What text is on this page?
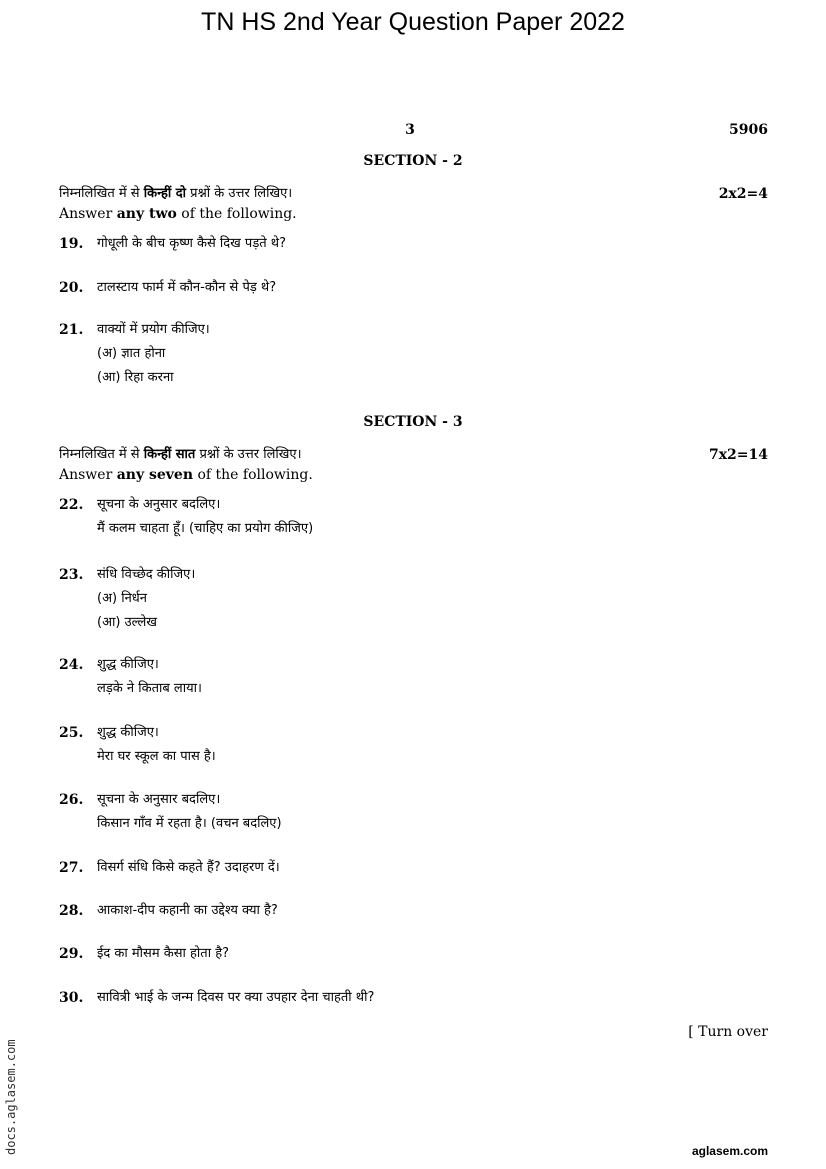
TN HS 2nd Year Question Paper 2022
3	5906
SECTION - 2
निम्नलिखित में से किन्हीं दो प्रश्नों के उत्तर लिखिए।
Answer any two of the following.
2x2=4
19. गोधूली के बीच कृष्ण कैसे दिख पड़ते थे?
20. टालस्टाय फार्म में कौन-कौन से पेड़ थे?
21. वाक्यों में प्रयोग कीजिए।
(अ) ज्ञात होना
(आ) रिहा करना
SECTION - 3
निम्नलिखित में से किन्हीं सात प्रश्नों के उत्तर लिखिए।
Answer any seven of the following.
7x2=14
22. सूचना के अनुसार बदलिए।
मैं कलम चाहता हूँ। (चाहिए का प्रयोग कीजिए)
23. संधि विच्छेद कीजिए।
(अ) निर्धन
(आ) उल्लेख
24. शुद्ध कीजिए।
लड़के ने किताब लाया।
25. शुद्ध कीजिए।
मेरा घर स्कूल का पास है।
26. सूचना के अनुसार बदलिए।
किसान गाँव में रहता है। (वचन बदलिए)
27. विसर्ग संधि किसे कहते हैं? उदाहरण दें।
28. आकाश-दीप कहानी का उद्देश्य क्या है?
29. ईद का मौसम कैसा होता है?
30. सावित्री भाई के जन्म दिवस पर क्या उपहार देना चाहती थी?
[ Turn over
docs.aglasem.com	aglasem.com
